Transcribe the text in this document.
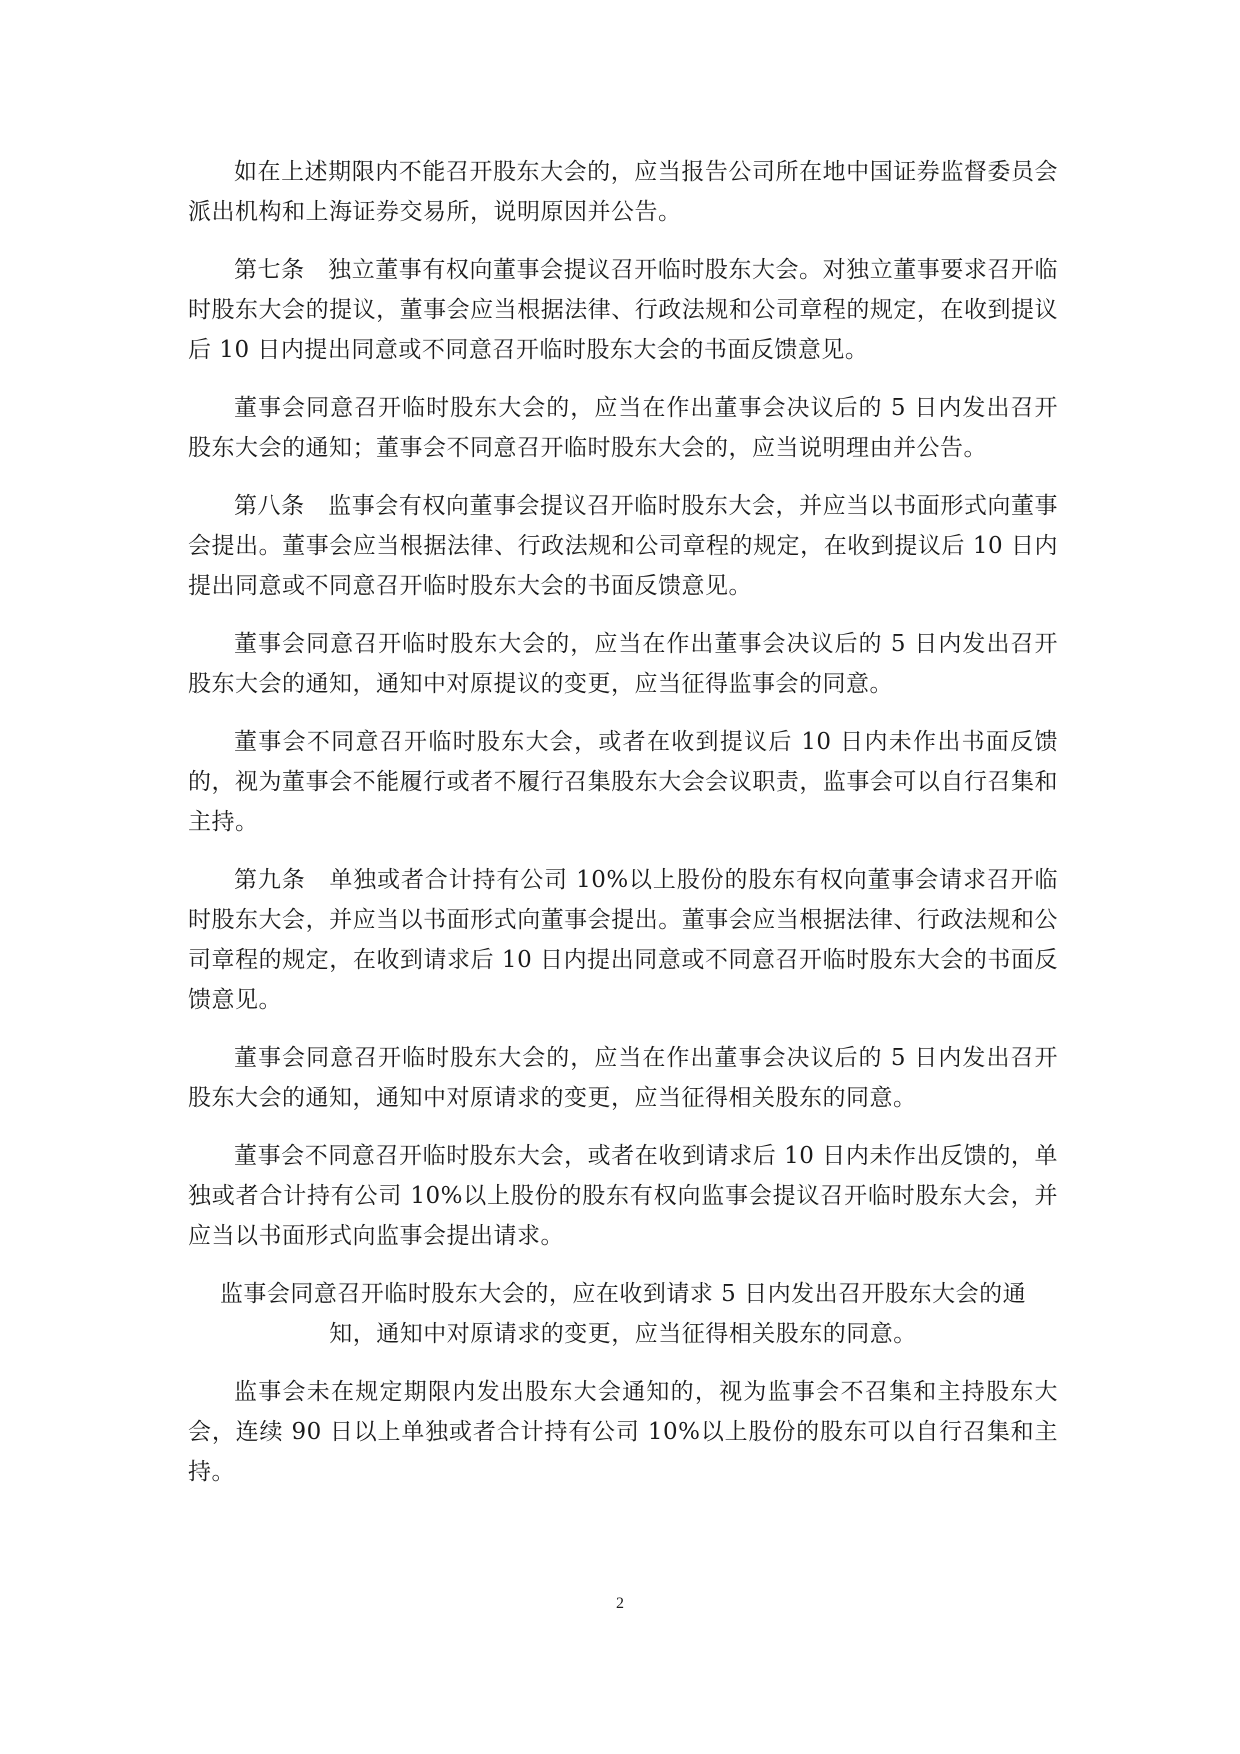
如在上述期限内不能召开股东大会的，应当报告公司所在地中国证券监督委员会派出机构和上海证券交易所，说明原因并公告。

第七条　独立董事有权向董事会提议召开临时股东大会。对独立董事要求召开临时股东大会的提议，董事会应当根据法律、行政法规和公司章程的规定，在收到提议后 10 日内提出同意或不同意召开临时股东大会的书面反馈意见。

董事会同意召开临时股东大会的，应当在作出董事会决议后的 5 日内发出召开股东大会的通知；董事会不同意召开临时股东大会的，应当说明理由并公告。

第八条　监事会有权向董事会提议召开临时股东大会，并应当以书面形式向董事会提出。董事会应当根据法律、行政法规和公司章程的规定，在收到提议后 10 日内提出同意或不同意召开临时股东大会的书面反馈意见。

董事会同意召开临时股东大会的，应当在作出董事会决议后的 5 日内发出召开股东大会的通知，通知中对原提议的变更，应当征得监事会的同意。

董事会不同意召开临时股东大会，或者在收到提议后 10 日内未作出书面反馈的，视为董事会不能履行或者不履行召集股东大会会议职责，监事会可以自行召集和主持。

第九条　单独或者合计持有公司 10%以上股份的股东有权向董事会请求召开临时股东大会，并应当以书面形式向董事会提出。董事会应当根据法律、行政法规和公司章程的规定，在收到请求后 10 日内提出同意或不同意召开临时股东大会的书面反馈意见。

董事会同意召开临时股东大会的，应当在作出董事会决议后的 5 日内发出召开股东大会的通知，通知中对原请求的变更，应当征得相关股东的同意。

董事会不同意召开临时股东大会，或者在收到请求后 10 日内未作出反馈的，单独或者合计持有公司 10%以上股份的股东有权向监事会提议召开临时股东大会，并应当以书面形式向监事会提出请求。

监事会同意召开临时股东大会的，应在收到请求 5 日内发出召开股东大会的通知，通知中对原请求的变更，应当征得相关股东的同意。

监事会未在规定期限内发出股东大会通知的，视为监事会不召集和主持股东大会，连续 90 日以上单独或者合计持有公司 10%以上股份的股东可以自行召集和主持。

2
